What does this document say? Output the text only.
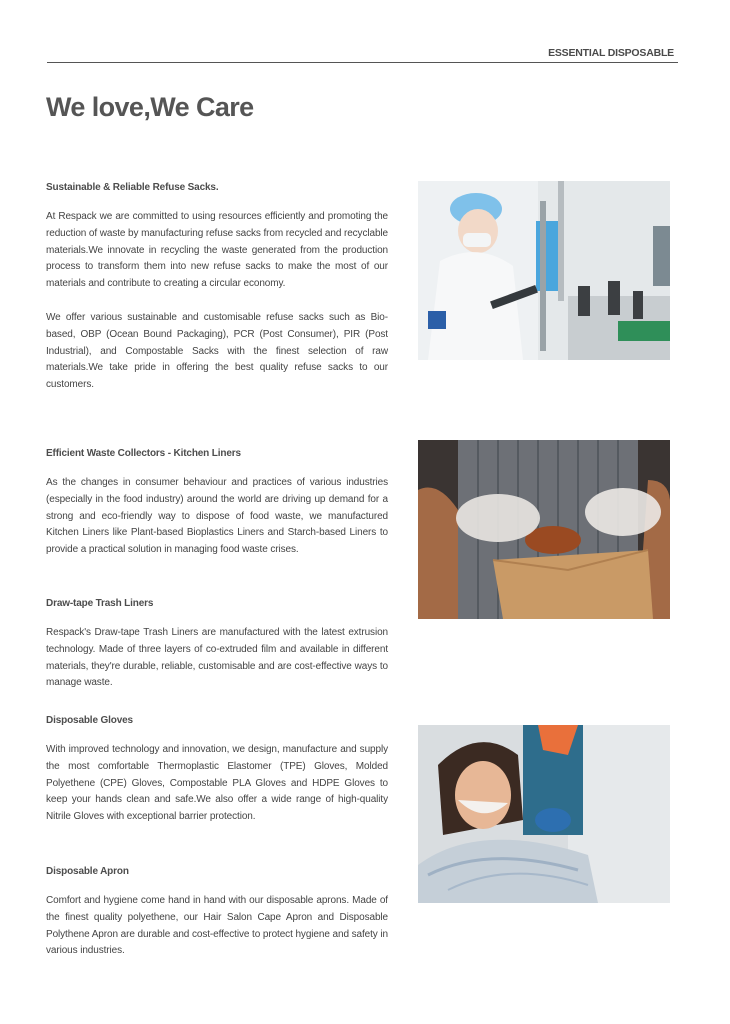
ESSENTIAL DISPOSABLE
We love,We Care
Sustainable & Reliable Refuse Sacks.

At Respack we are committed to using resources efficiently and promoting the reduction of waste by manufacturing refuse sacks from recycled and recyclable materials.We innovate in recycling the waste generated from the production process to transform them into new refuse sacks to make the most of our materials and contribute to creating a circular economy.

We offer various sustainable and customisable refuse sacks such as Bio-based, OBP (Ocean Bound Packaging), PCR (Post Consumer), PIR (Post Industrial), and Compostable Sacks with the finest selection of raw materials.We take pride in offering the best quality refuse sacks to our customers.

Efficient Waste Collectors - Kitchen Liners

As the changes in consumer behaviour and practices of various industries (especially in the food industry) around the world are driving up demand for a strong and eco-friendly way to dispose of food waste, we manufactured Kitchen Liners like Plant-based Bioplastics Liners and Starch-based Liners to provide a practical solution in managing food waste crises.

Draw-tape Trash Liners

Respack's Draw-tape Trash Liners are manufactured with the latest extrusion technology. Made of three layers of co-extruded film and available in different materials, they're durable, reliable, customisable and are cost-effective ways to manage waste.

Disposable Gloves

With improved technology and innovation, we design, manufacture and supply the most comfortable Thermoplastic Elastomer (TPE) Gloves, Molded Polyethene (CPE) Gloves, Compostable PLA Gloves and HDPE Gloves to keep your hands clean and safe.We also offer a wide range of high-quality Nitrile Gloves with exceptional barrier protection.

Disposable Apron

Comfort and hygiene come hand in hand with our disposable aprons. Made of the finest quality polyethene, our Hair Salon Cape Apron and Disposable Polythene Apron are durable and cost-effective to protect hygiene and safety in various industries.
